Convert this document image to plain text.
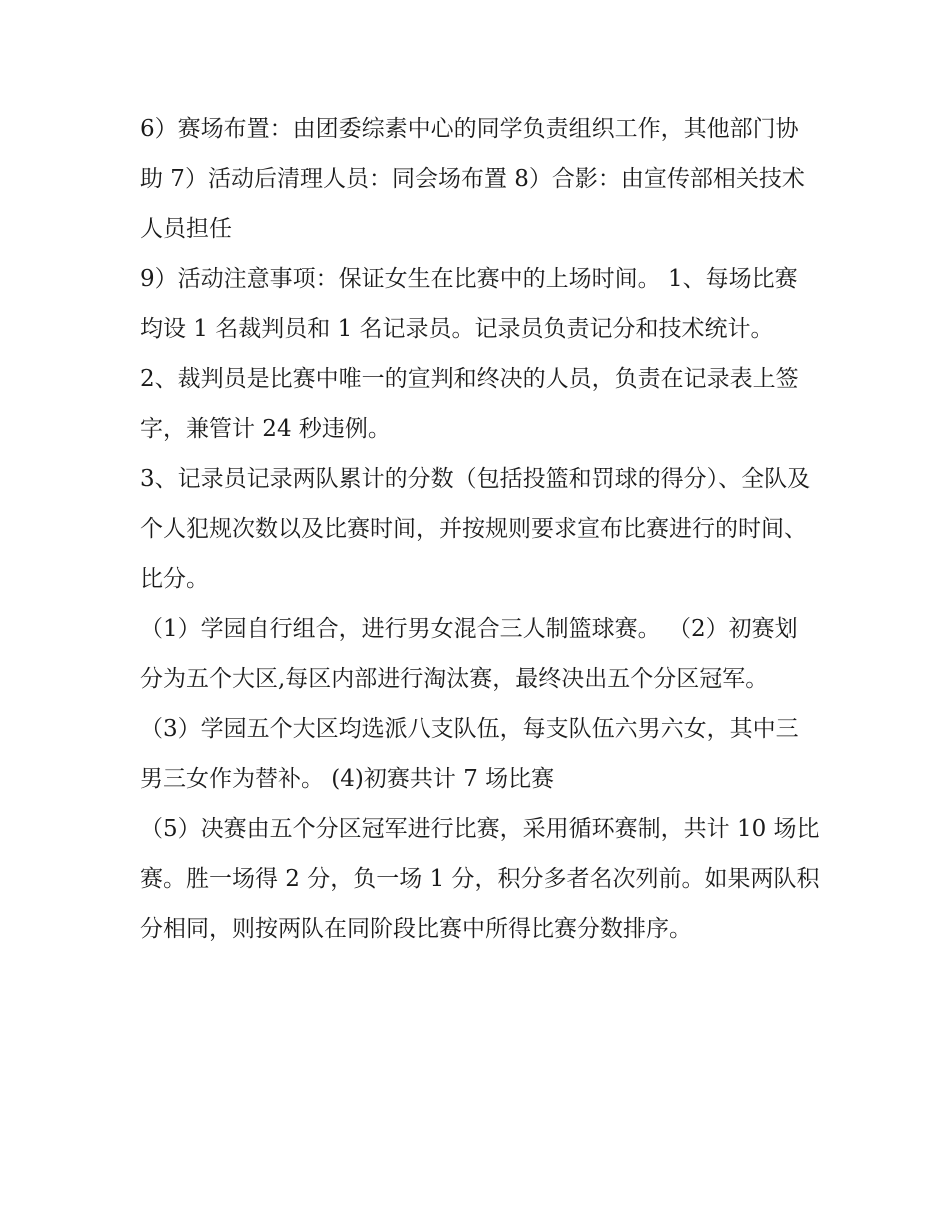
6）赛场布置：由团委综素中心的同学负责组织工作，其他部门协助 7）活动后清理人员：同会场布置 8）合影：由宣传部相关技术人员担任

9）活动注意事项：保证女生在比赛中的上场时间。 1、每场比赛均设 1 名裁判员和 1 名记录员。记录员负责记分和技术统计。

2、裁判员是比赛中唯一的宣判和终决的人员，负责在记录表上签字，兼管计 24 秒违例。

3、记录员记录两队累计的分数（包括投篮和罚球的得分）、全队及个人犯规次数以及比赛时间，并按规则要求宣布比赛进行的时间、比分。

（1）学园自行组合，进行男女混合三人制篮球赛。 （2）初赛划分为五个大区,每区内部进行淘汰赛，最终决出五个分区冠军。

（3）学园五个大区均选派八支队伍，每支队伍六男六女，其中三男三女作为替补。 (4)初赛共计 7 场比赛

（5）决赛由五个分区冠军进行比赛，采用循环赛制，共计 10 场比赛。胜一场得 2 分，负一场 1 分，积分多者名次列前。如果两队积分相同，则按两队在同阶段比赛中所得比赛分数排序。
